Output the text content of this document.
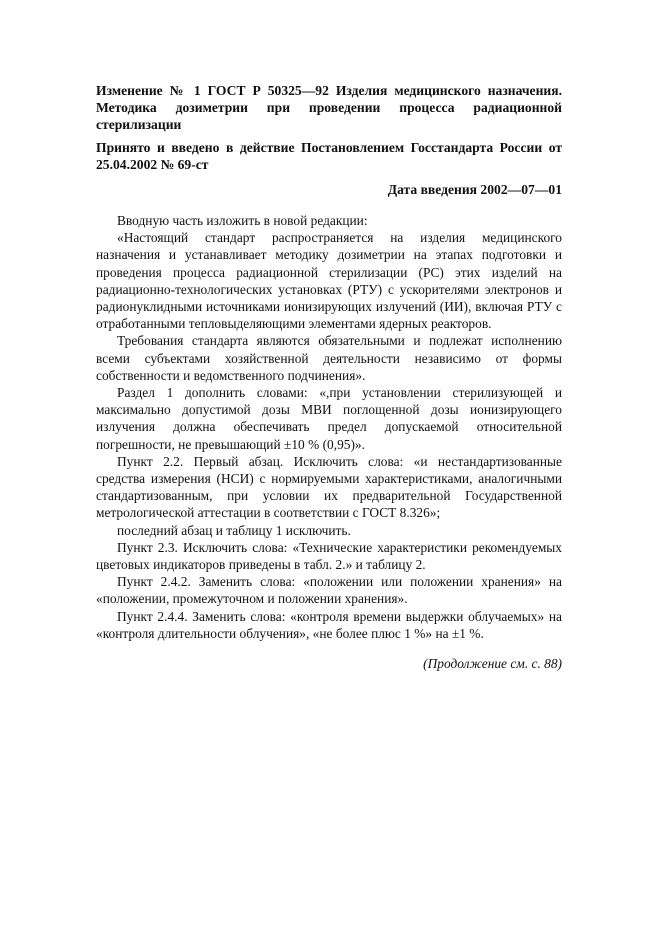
Изменение № 1 ГОСТ Р 50325—92 Изделия медицинского назначения. Методика дозиметрии при проведении процесса радиационной стерилизации

Принято и введено в действие Постановлением Госстандарта России от 25.04.2002 № 69-ст

Дата введения 2002—07—01

Вводную часть изложить в новой редакции:

«Настоящий стандарт распространяется на изделия медицинского назначения и устанавливает методику дозиметрии на этапах подготовки и проведения процесса радиационной стерилизации (PC) этих изделий на радиационно-технологических установках (РТУ) с ускорителями электронов и радионуклидными источниками ионизирующих излучений (ИИ), включая РТУ с отработанными тепловыделяющими элементами ядерных реакторов.

Требования стандарта являются обязательными и подлежат исполнению всеми субъектами хозяйственной деятельности независимо от формы собственности и ведомственного подчинения».

Раздел 1 дополнить словами: «,при установлении стерилизующей и максимально допустимой дозы МВИ поглощенной дозы ионизирующего излучения должна обеспечивать предел допускаемой относительной погрешности, не превышающий ±10 % (0,95)».

Пункт 2.2. Первый абзац. Исключить слова: «и нестандартизованные средства измерения (НСИ) с нормируемыми характеристиками, аналогичными стандартизованным, при условии их предварительной Государственной метрологической аттестации в соответствии с ГОСТ 8.326»;

последний абзац и таблицу 1 исключить.

Пункт 2.3. Исключить слова: «Технические характеристики рекомендуемых цветовых индикаторов приведены в табл. 2.» и таблицу 2.

Пункт 2.4.2. Заменить слова: «положении или положении хранения» на «положении, промежуточном и положении хранения».

Пункт 2.4.4. Заменить слова: «контроля времени выдержки облучаемых» на «контроля длительности облучения», «не более плюс 1 %» на ±1 %.

(Продолжение см. с. 88)
